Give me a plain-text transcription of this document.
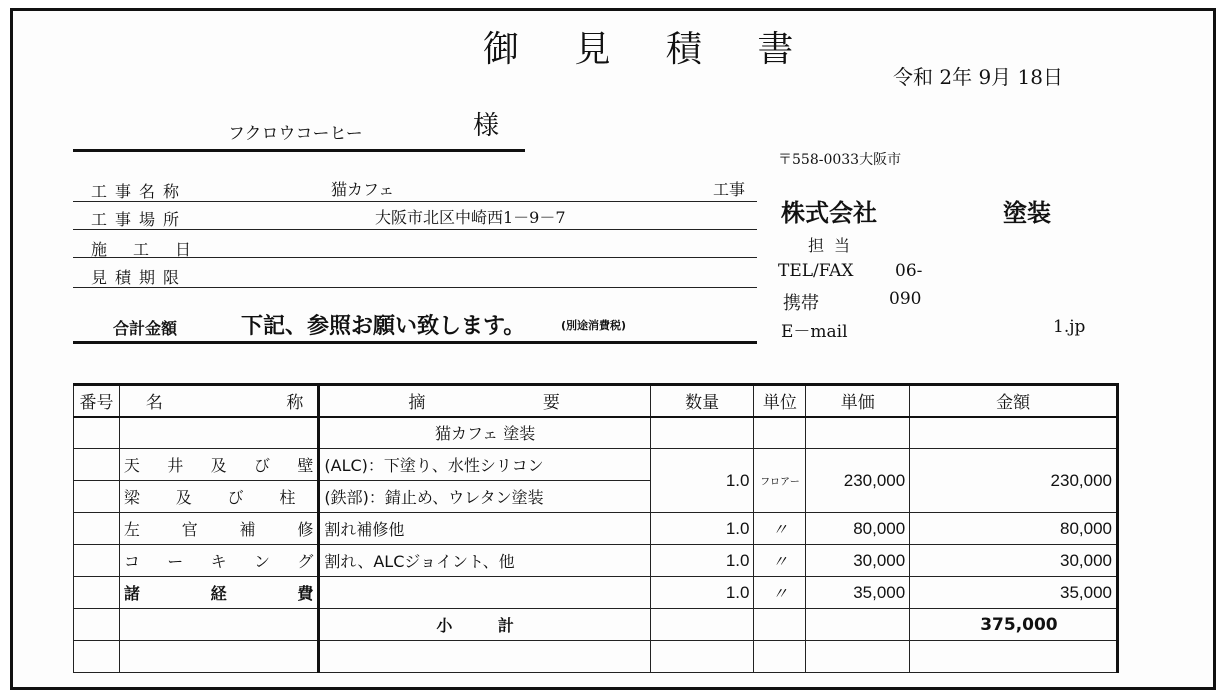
御 見 積 書
令和 2年 9月 18日
フクロウコーヒー	様
工事名称	猫カフェ	工事
工事場所	大阪市北区中崎西1－9－7
施工日
見積期限
合計金額	下記、参照お願い致します。	(別途消費税)
〒558-0033大阪市
株式会社	塗装
担当
TEL/FAX 06-
携帯	090
E－mail	1.jp
番号	名 称	摘 要	数量	単位	単価	金額
		猫カフェ 塗装				

	天 井 及 び 壁	(ALC)：下塗り、水性シリコン	1.0	フロアー	230,000	230,000

	梁 及 び 柱	(鉄部)：錆止め、ウレタン塗装				

	左 官 補 修	割れ補修他	1.0	〃	80,000	80,000

	コ ー キ ン グ	割れ、ALCジョイント、他	1.0	〃	30,000	30,000

	諸 経 費		1.0	〃	35,000	35,000
		小 計				375,000
